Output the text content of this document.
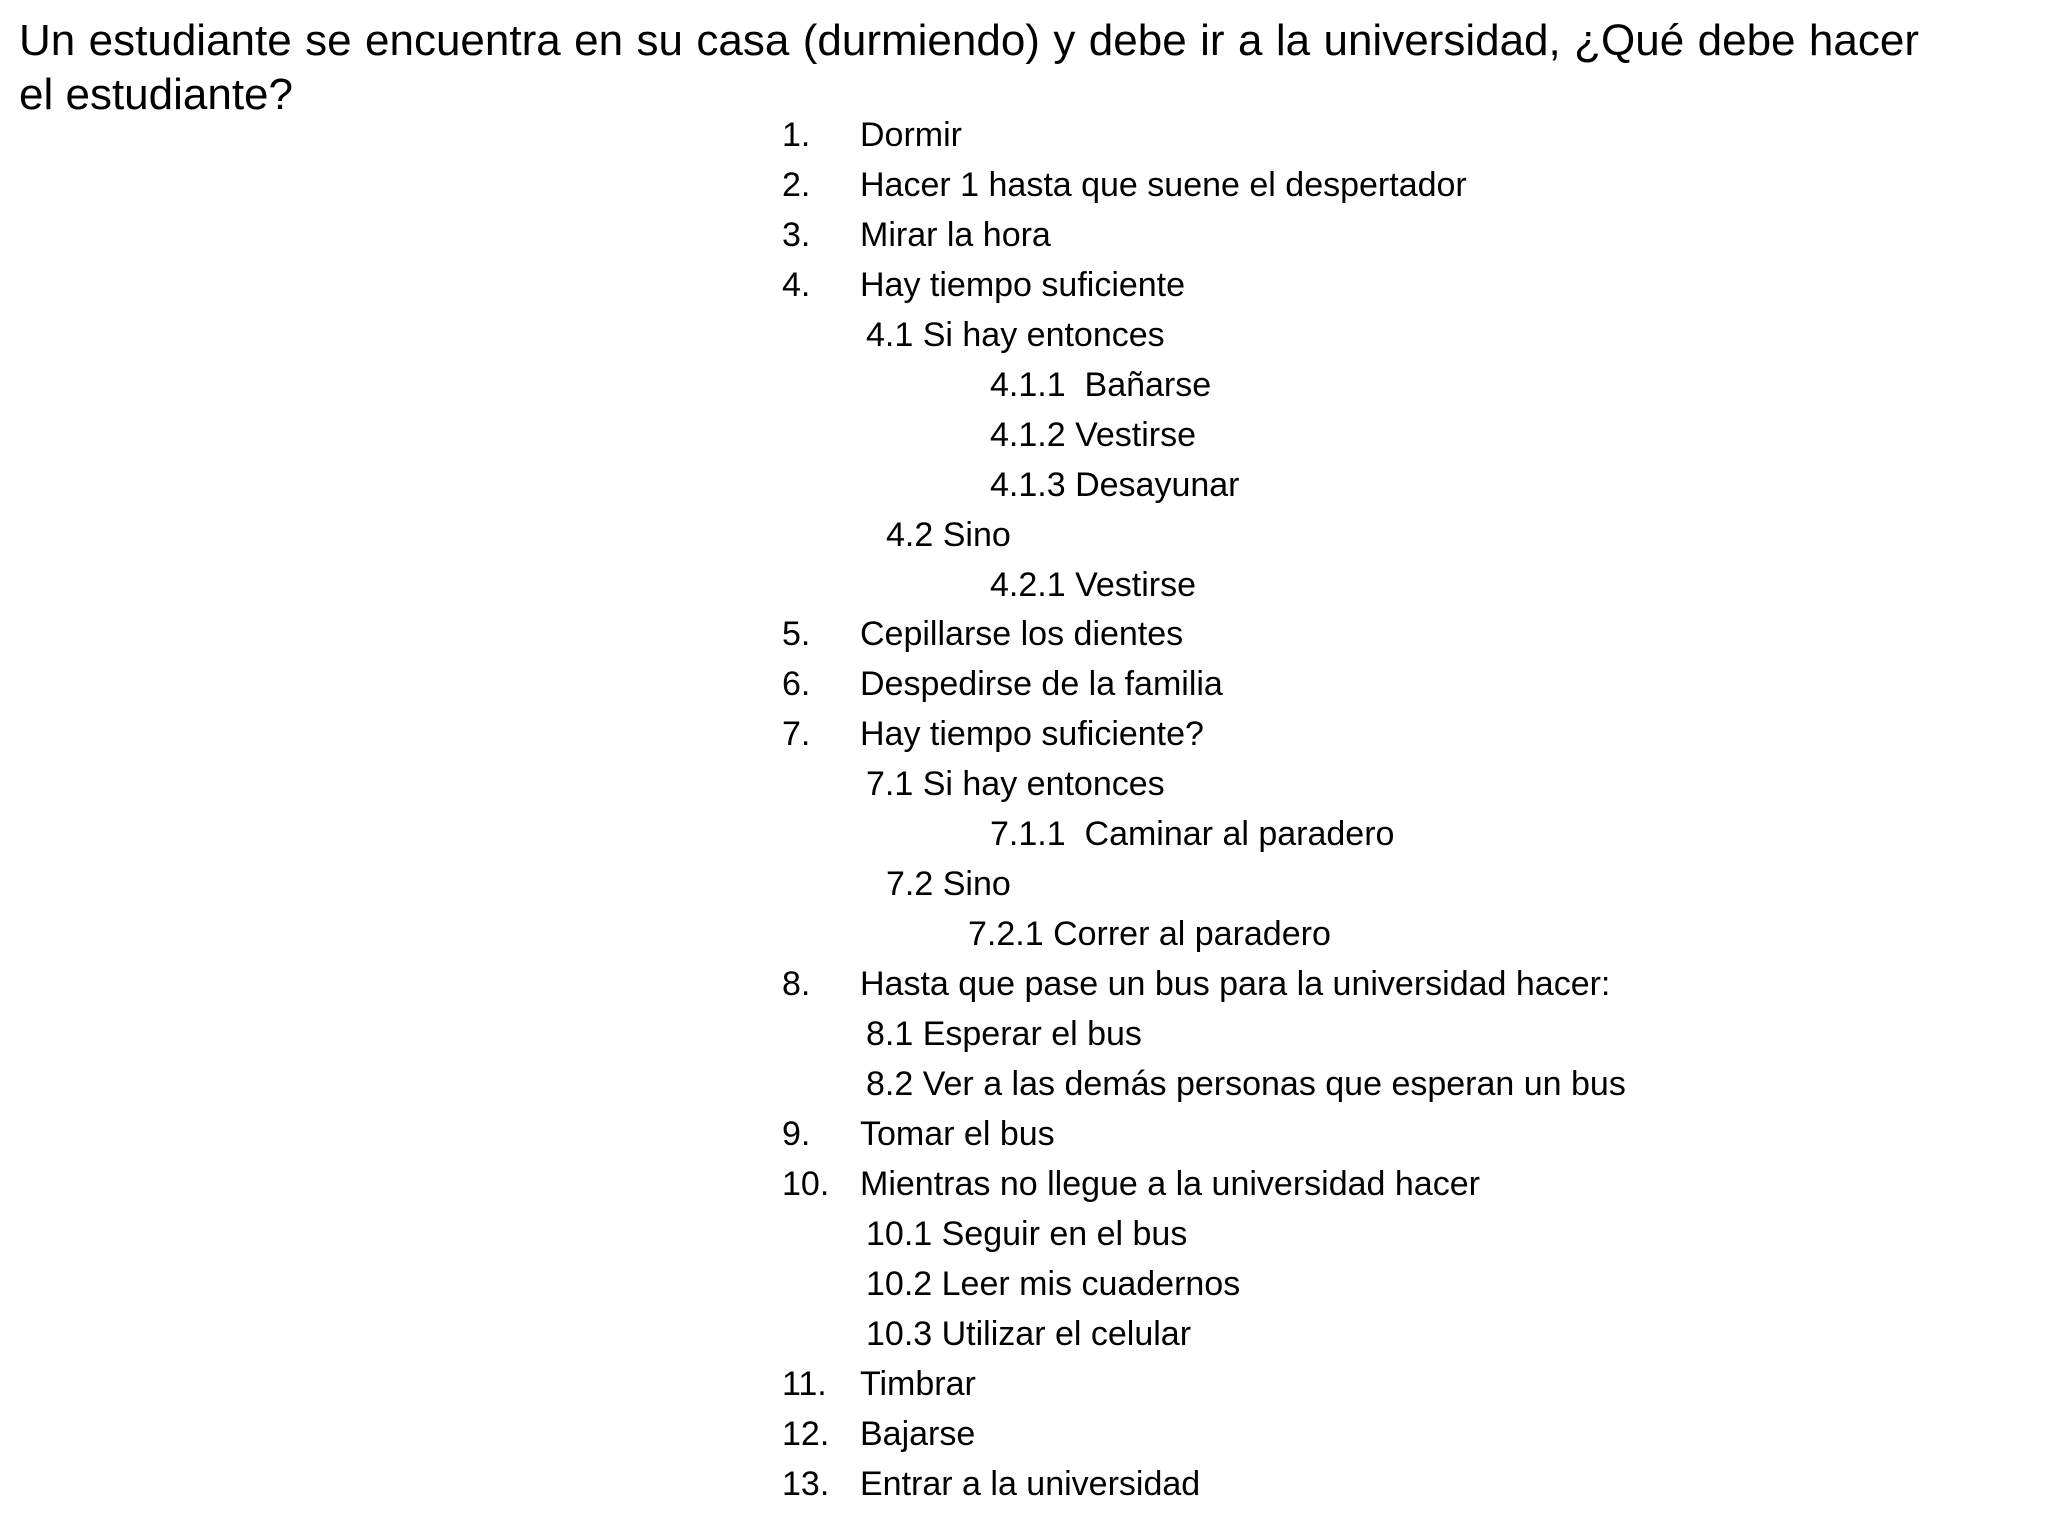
Un estudiante se encuentra en su casa (durmiendo) y debe ir a la universidad, ¿Qué debe hacer el estudiante?

1. Dormir
2. Hacer 1 hasta que suene el despertador
3. Mirar la hora
4. Hay tiempo suficiente
4.1 Si hay entonces
4.1.1  Bañarse
4.1.2 Vestirse
4.1.3 Desayunar
4.2 Sino
4.2.1 Vestirse
5. Cepillarse los dientes
6. Despedirse de la familia
7. Hay tiempo suficiente?
7.1 Si hay entonces
7.1.1  Caminar al paradero
7.2 Sino
7.2.1 Correr al paradero
8. Hasta que pase un bus para la universidad hacer:
8.1 Esperar el bus
8.2 Ver a las demás personas que esperan un bus
9. Tomar el bus
10. Mientras no llegue a la universidad hacer
10.1 Seguir en el bus
10.2 Leer mis cuadernos
10.3 Utilizar el celular
11. Timbrar
12. Bajarse
13. Entrar a la universidad
